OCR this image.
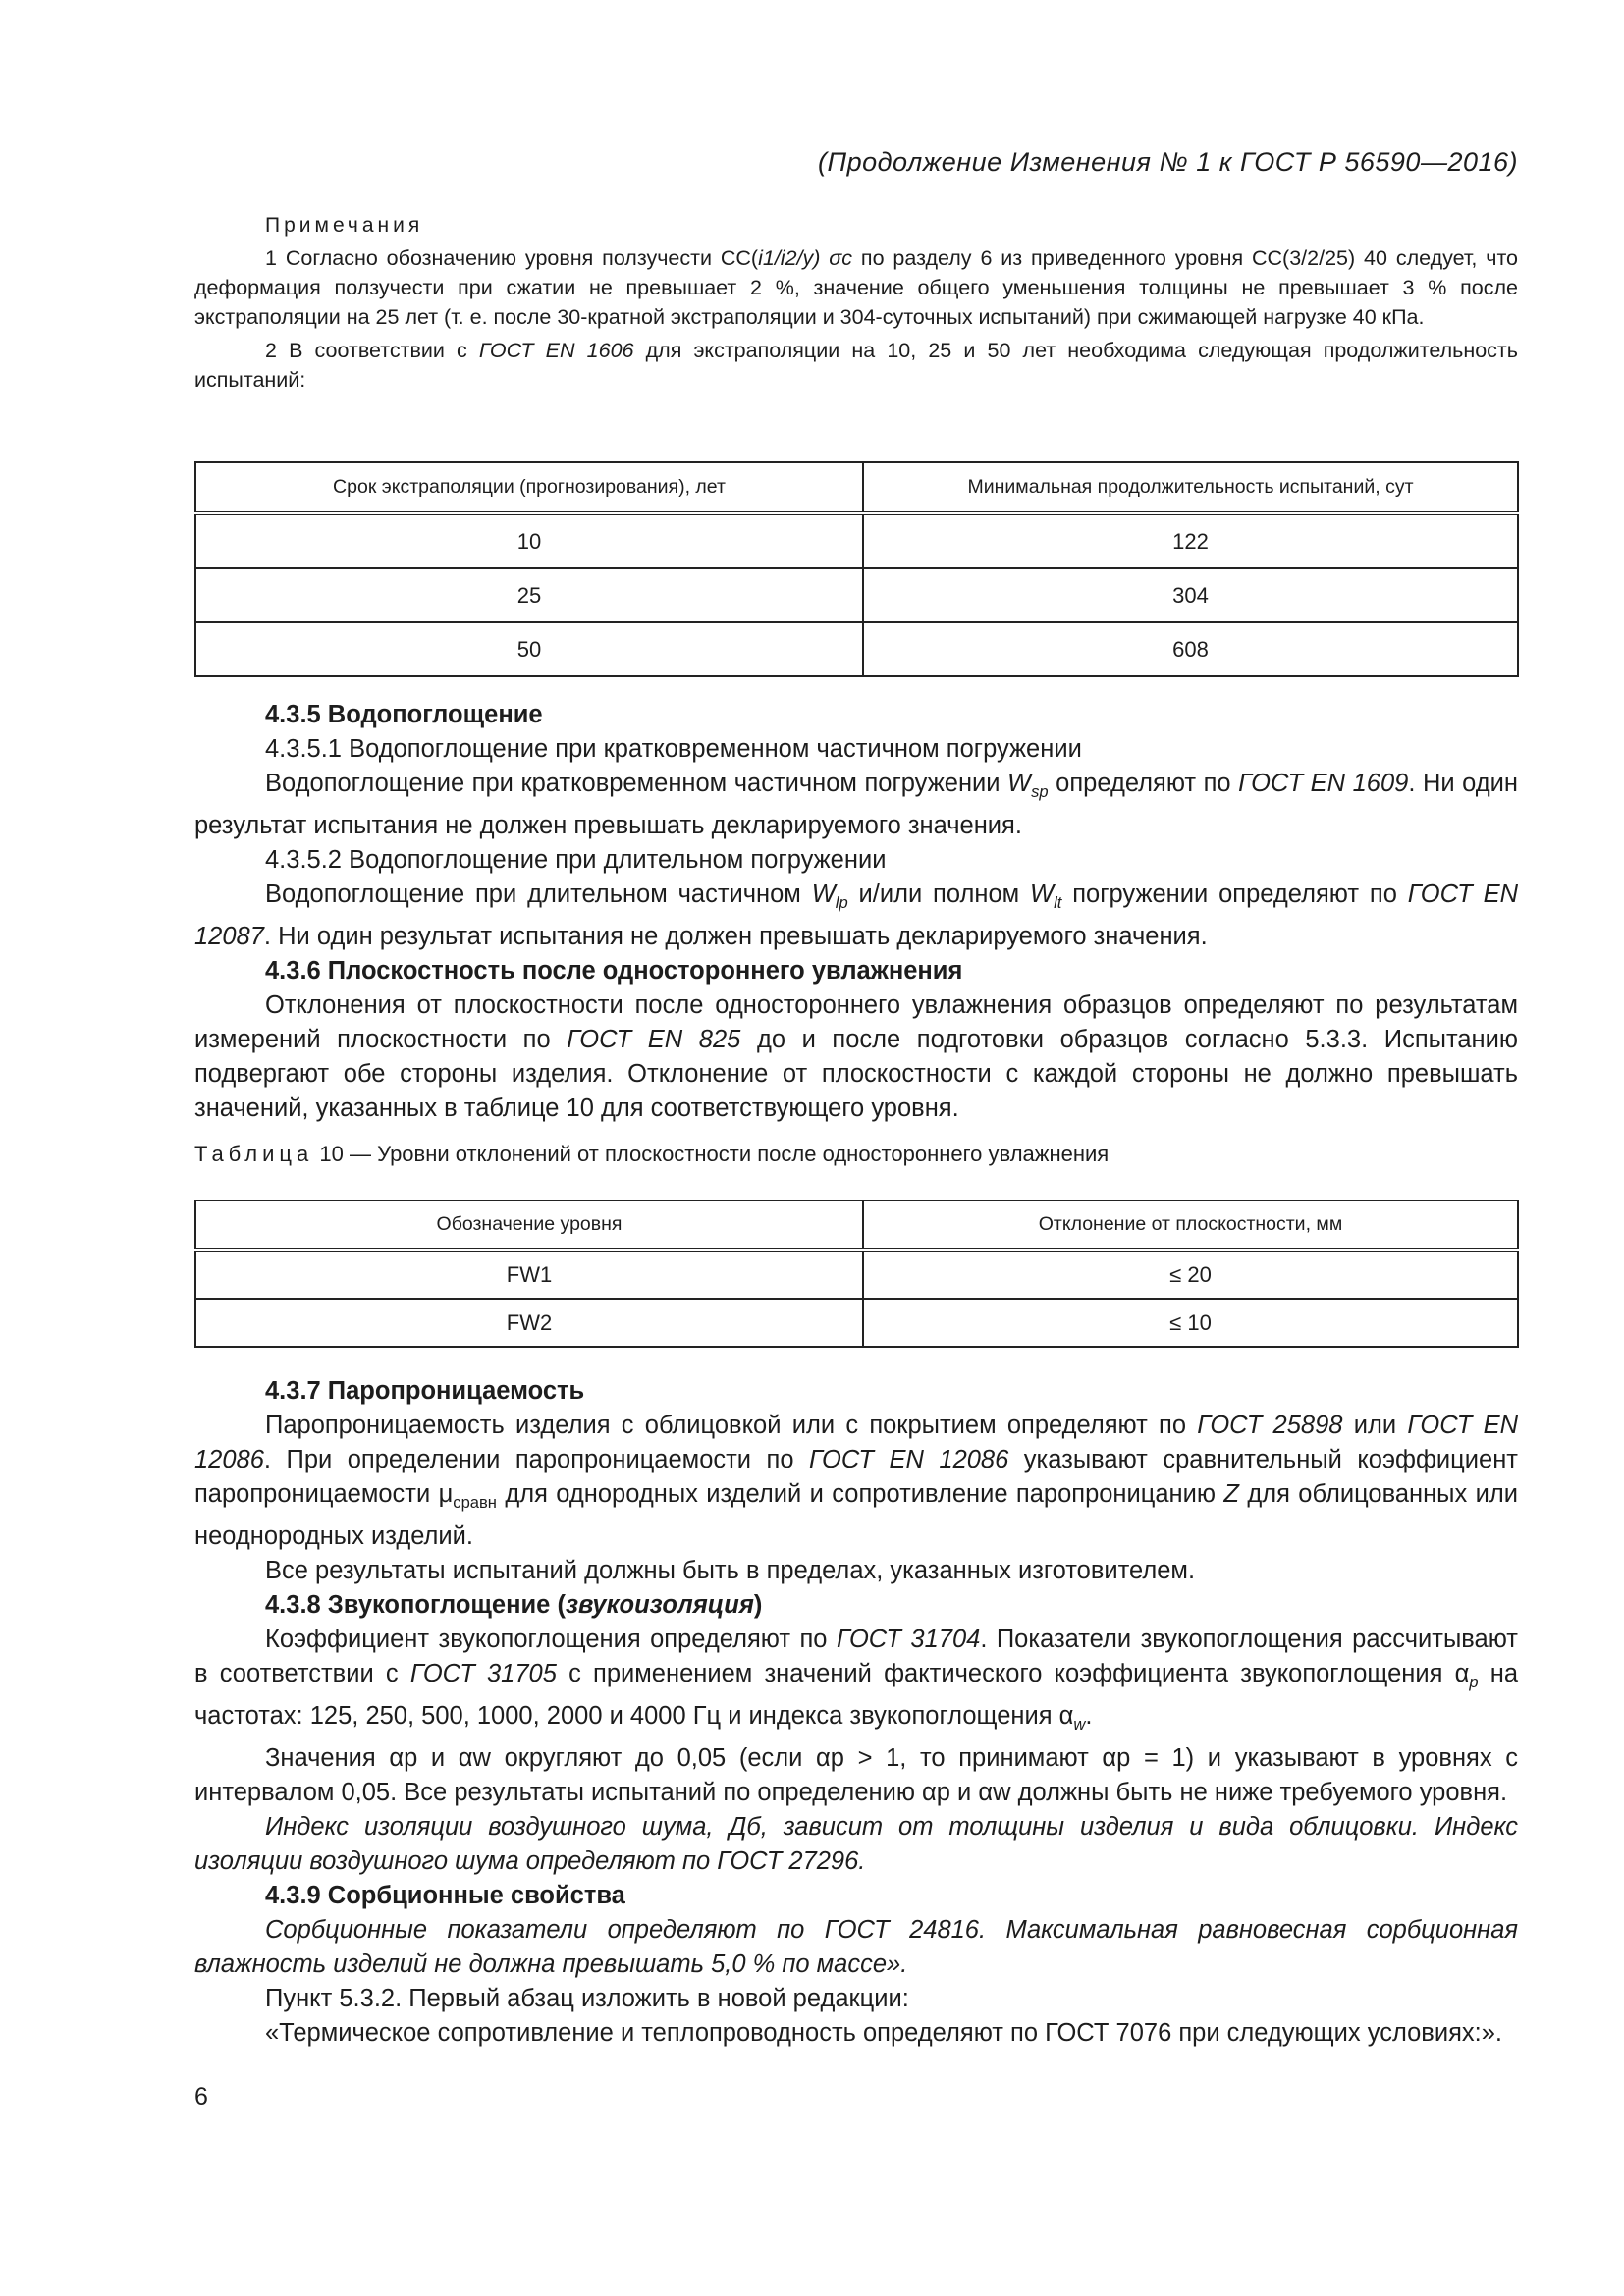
(Продолжение Изменения № 1 к ГОСТ Р 56590—2016)
Примечания
1 Согласно обозначению уровня ползучести CC(i1/i2/y) σc по разделу 6 из приведенного уровня CC(3/2/25) 40 следует, что деформация ползучести при сжатии не превышает 2 %, значение общего уменьшения толщины не превышает 3 % после экстраполяции на 25 лет (т. е. после 30-кратной экстраполяции и 304-суточных испытаний) при сжимающей нагрузке 40 кПа.
2 В соответствии с ГОСТ EN 1606 для экстраполяции на 10, 25 и 50 лет необходима следующая продолжительность испытаний:
Срок экстраполяции (прогнозирования), лет	Минимальная продолжительность испытаний, сут
10	122
25	304
50	608
4.3.5 Водопоглощение
4.3.5.1 Водопоглощение при кратковременном частичном погружении
Водопоглощение при кратковременном частичном погружении $W_{sp}$ определяют по ГОСТ EN 1609. Ни один результат испытания не должен превышать декларируемого значения.
4.3.5.2 Водопоглощение при длительном погружении
Водопоглощение при длительном частичном $W_{lp}$ и/или полном $W_{lt}$ погружении определяют по ГОСТ EN 12087. Ни один результат испытания не должен превышать декларируемого значения.
4.3.6 Плоскостность после одностороннего увлажнения
Отклонения от плоскостности после одностороннего увлажнения образцов определяют по результатам измерений плоскостности по ГОСТ EN 825 до и после подготовки образцов согласно 5.3.3. Испытанию подвергают обе стороны изделия. Отклонение от плоскостности с каждой стороны не должно превышать значений, указанных в таблице 10 для соответствующего уровня.
Таблица 10 — Уровни отклонений от плоскостности после одностороннего увлажнения
Обозначение уровня	Отклонение от плоскостности, мм
FW1	≤ 20
FW2	≤ 10
4.3.7 Паропроницаемость
Паропроницаемость изделия с облицовкой или с покрытием определяют по ГОСТ 25898 или ГОСТ EN 12086. При определении паропроницаемости по ГОСТ EN 12086 указывают сравнительный коэффициент паропроницаемости $\mu_{сравн}$ для однородных изделий и сопротивление паропроницанию Z для облицованных или неоднородных изделий.
Все результаты испытаний должны быть в пределах, указанных изготовителем.
4.3.8 Звукопоглощение (звукоизоляция)
Коэффициент звукопоглощения определяют по ГОСТ 31704. Показатели звукопоглощения рассчитывают в соответствии с ГОСТ 31705 с применением значений фактического коэффициента звукопоглощения $\alpha_p$ на частотах: 125, 250, 500, 1000, 2000 и 4000 Гц и индекса звукопоглощения $\alpha_w$.
Значения αp и αw округляют до 0,05 (если αp > 1, то принимают αp = 1) и указывают в уровнях с интервалом 0,05. Все результаты испытаний по определению αp и αw должны быть не ниже требуемого уровня.
Индекс изоляции воздушного шума, Дб, зависит от толщины изделия и вида облицовки. Индекс изоляции воздушного шума определяют по ГОСТ 27296.
4.3.9 Сорбционные свойства
Сорбционные показатели определяют по ГОСТ 24816. Максимальная равновесная сорбционная влажность изделий не должна превышать 5,0 % по массе».
Пункт 5.3.2. Первый абзац изложить в новой редакции:
«Термическое сопротивление и теплопроводность определяют по ГОСТ 7076 при следующих условиях:».
6
